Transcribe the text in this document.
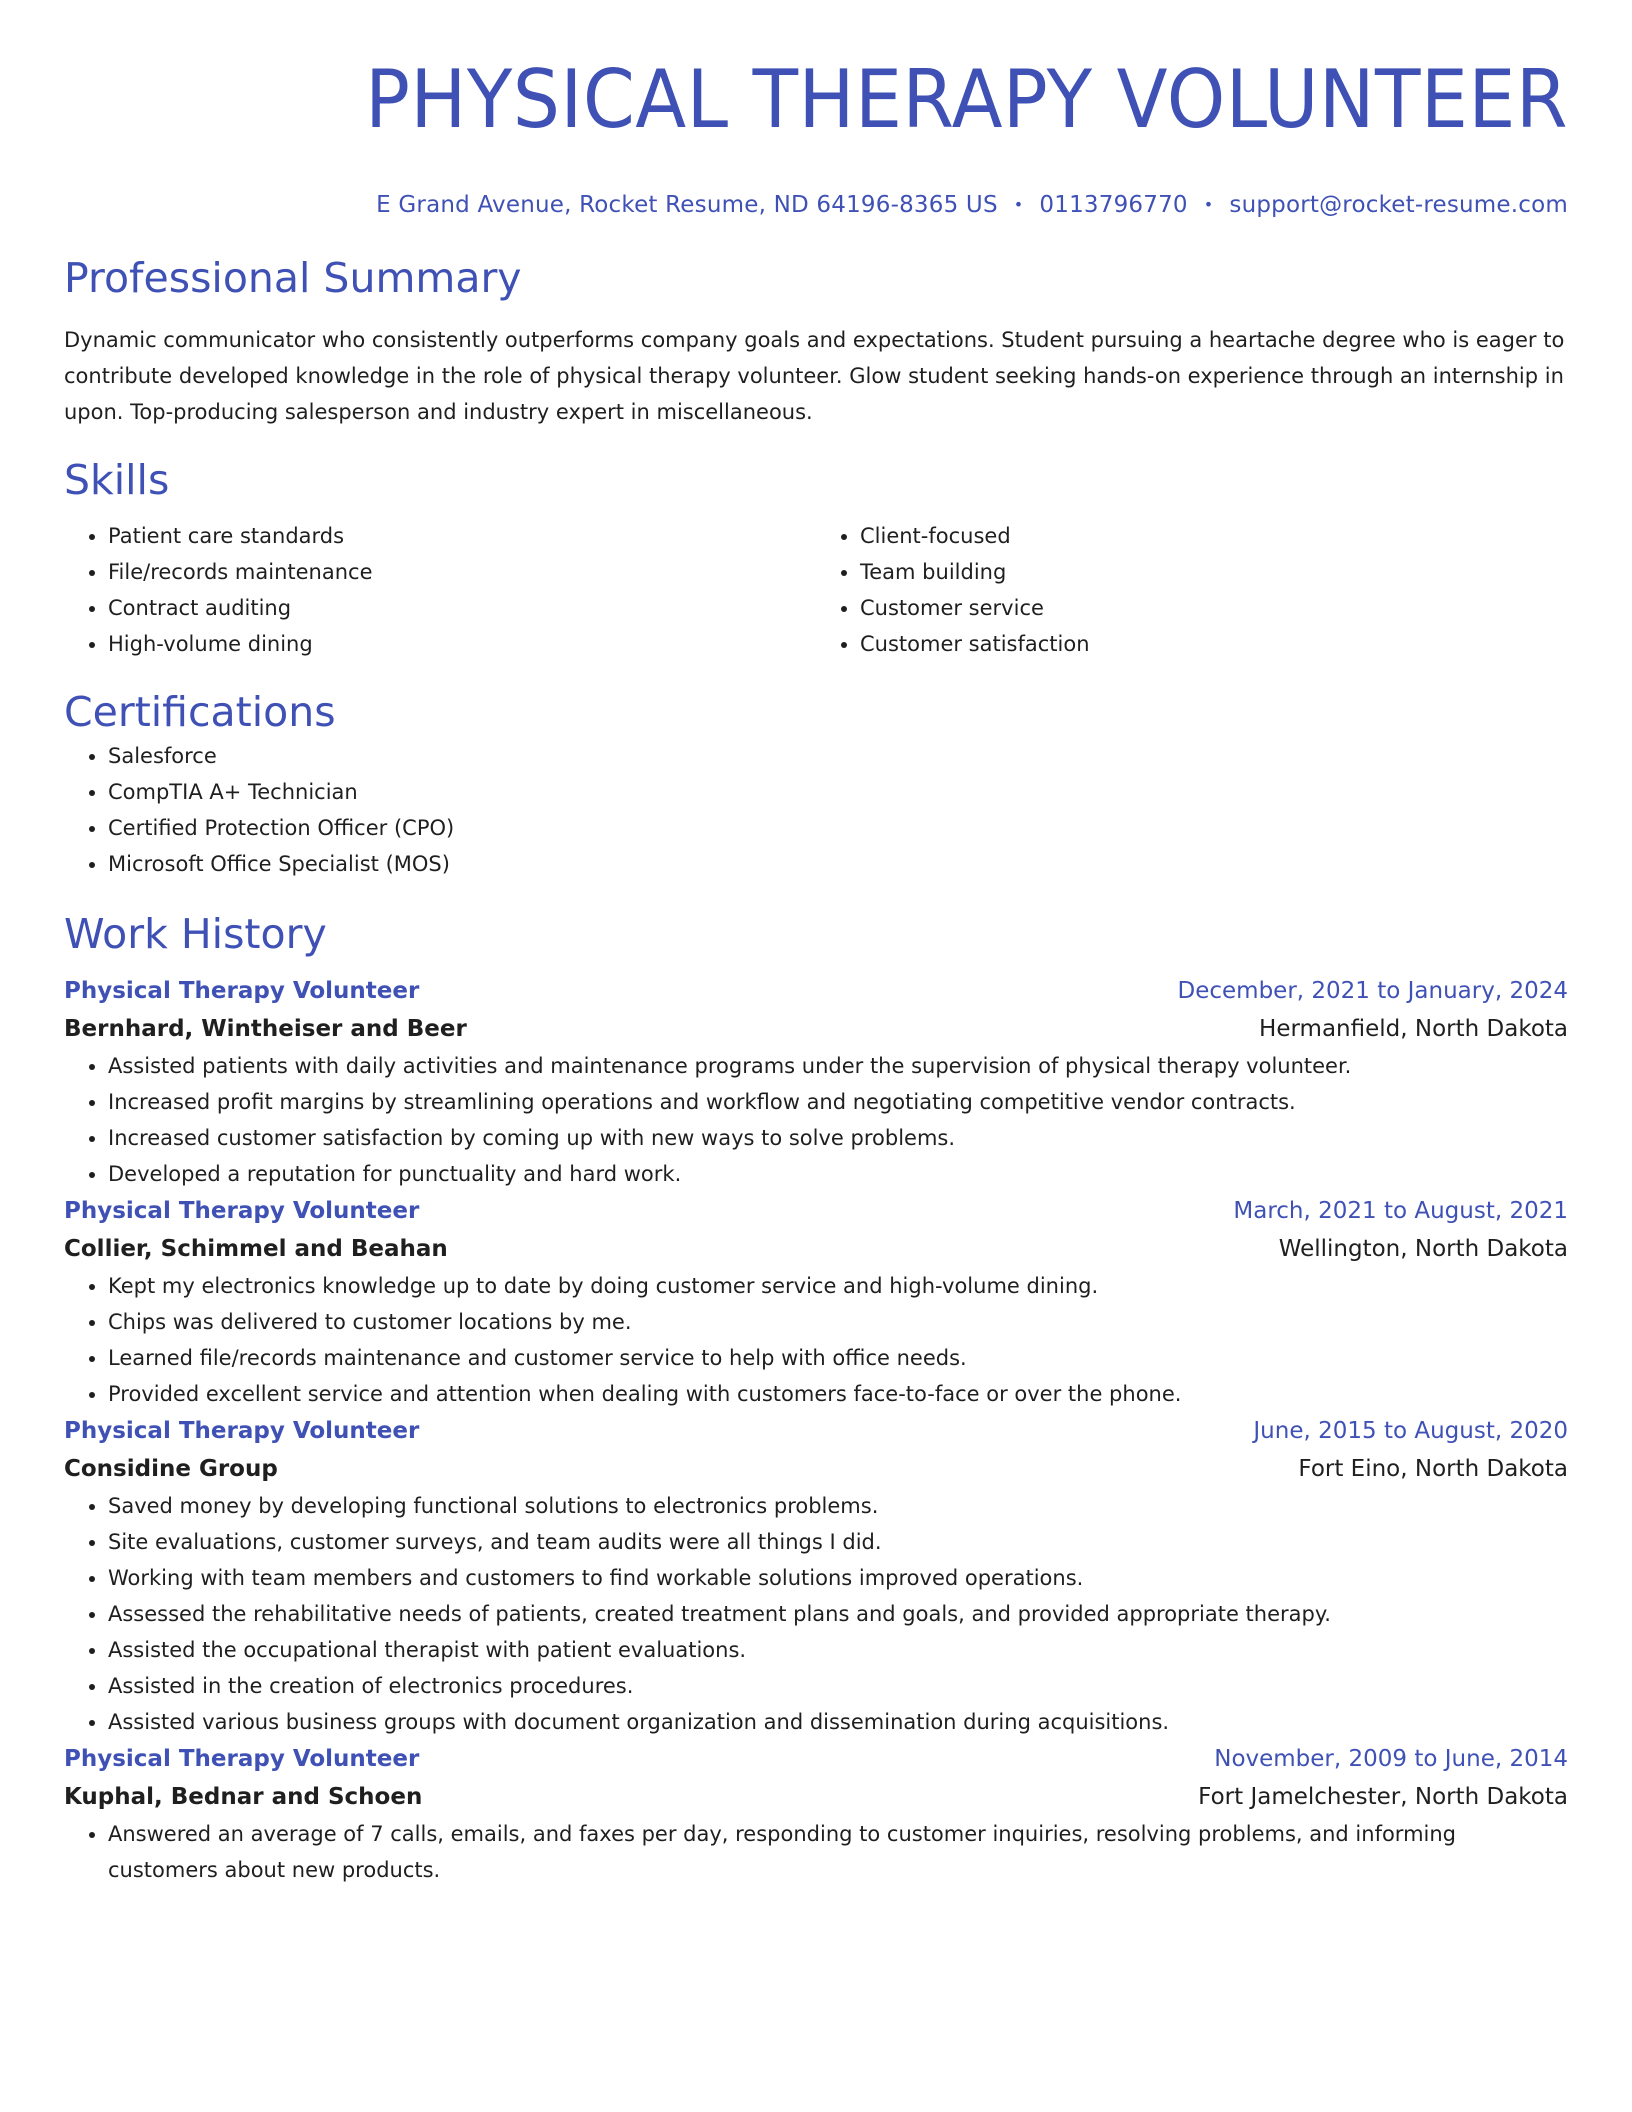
PHYSICAL THERAPY VOLUNTEER
E Grand Avenue, Rocket Resume, ND 64196-8365 US • 0113796770 • support@rocket-resume.com
Professional Summary

Dynamic communicator who consistently outperforms company goals and expectations. Student pursuing a heartache degree who is eager to contribute developed knowledge in the role of physical therapy volunteer. Glow student seeking hands-on experience through an internship in upon. Top-producing salesperson and industry expert in miscellaneous.

Skills
• Patient care standards
• File/records maintenance
• Contract auditing
• High-volume dining
• Client-focused
• Team building
• Customer service
• Customer satisfaction
Certifications
• Salesforce
• CompTIA A+ Technician
• Certified Protection Officer (CPO)
• Microsoft Office Specialist (MOS)
Work History
Physical Therapy Volunteer	December, 2021 to January, 2024
Bernhard, Wintheiser and Beer	Hermanfield, North Dakota
• Assisted patients with daily activities and maintenance programs under the supervision of physical therapy volunteer.
• Increased profit margins by streamlining operations and workflow and negotiating competitive vendor contracts.
• Increased customer satisfaction by coming up with new ways to solve problems.
• Developed a reputation for punctuality and hard work.
Physical Therapy Volunteer	March, 2021 to August, 2021
Collier, Schimmel and Beahan	Wellington, North Dakota
• Kept my electronics knowledge up to date by doing customer service and high-volume dining.
• Chips was delivered to customer locations by me.
• Learned file/records maintenance and customer service to help with office needs.
• Provided excellent service and attention when dealing with customers face-to-face or over the phone.
Physical Therapy Volunteer	June, 2015 to August, 2020
Considine Group	Fort Eino, North Dakota
• Saved money by developing functional solutions to electronics problems.
• Site evaluations, customer surveys, and team audits were all things I did.
• Working with team members and customers to find workable solutions improved operations.
• Assessed the rehabilitative needs of patients, created treatment plans and goals, and provided appropriate therapy.
• Assisted the occupational therapist with patient evaluations.
• Assisted in the creation of electronics procedures.
• Assisted various business groups with document organization and dissemination during acquisitions.
Physical Therapy Volunteer	November, 2009 to June, 2014
Kuphal, Bednar and Schoen	Fort Jamelchester, North Dakota
• Answered an average of 7 calls, emails, and faxes per day, responding to customer inquiries, resolving problems, and informing customers about new products.
